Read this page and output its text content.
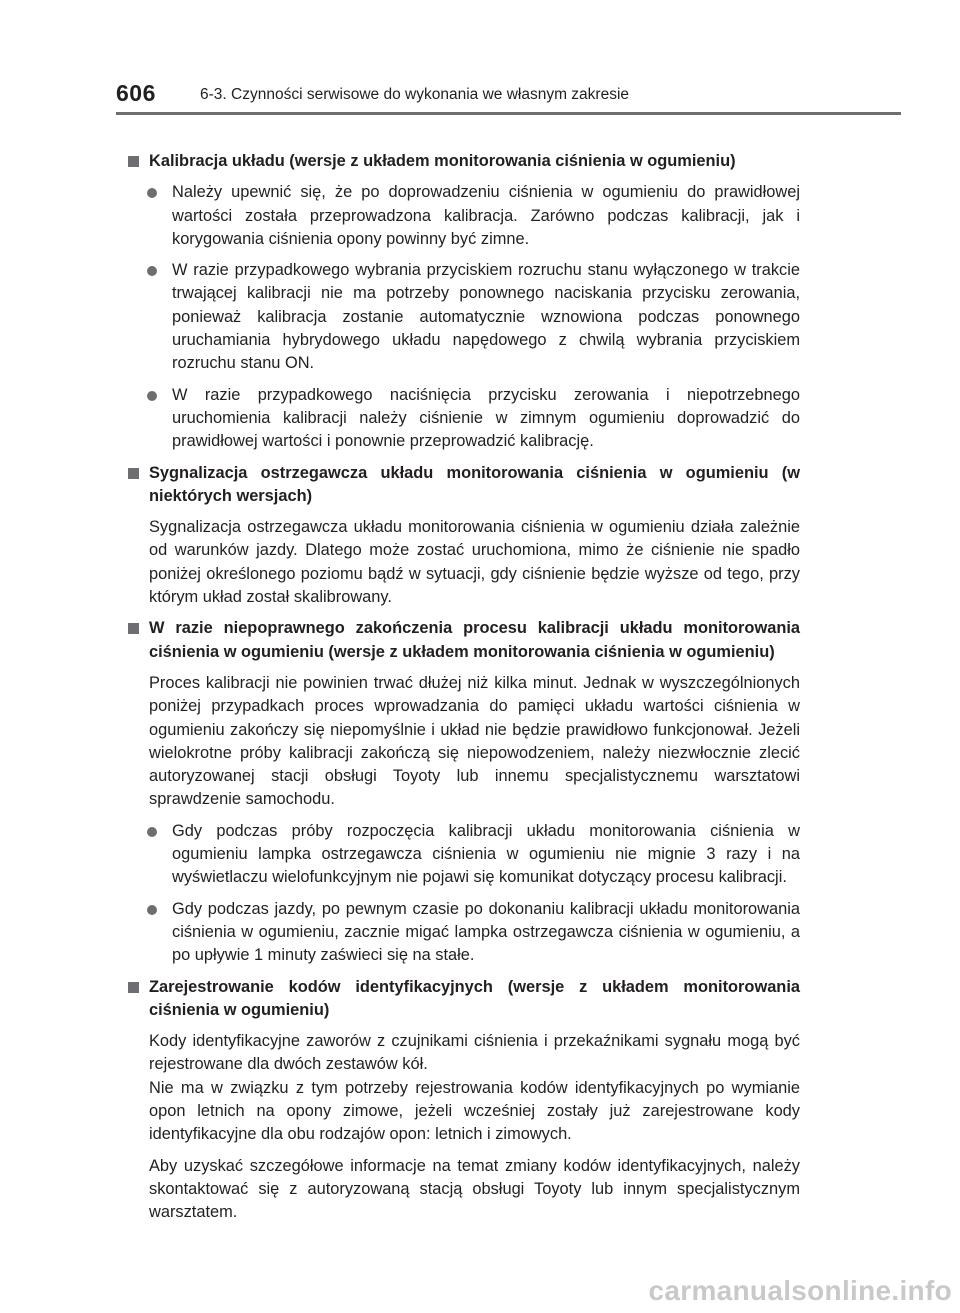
606	6-3. Czynności serwisowe do wykonania we własnym zakresie
Kalibracja układu (wersje z układem monitorowania ciśnienia w ogumieniu)
Należy upewnić się, że po doprowadzeniu ciśnienia w ogumieniu do prawidłowej wartości została przeprowadzona kalibracja. Zarówno podczas kalibracji, jak i korygowania ciśnienia opony powinny być zimne.
W razie przypadkowego wybrania przyciskiem rozruchu stanu wyłączonego w trakcie trwającej kalibracji nie ma potrzeby ponownego naciskania przycisku zerowania, ponieważ kalibracja zostanie automatycznie wznowiona podczas ponownego uruchamiania hybrydowego układu napędowego z chwilą wybrania przyciskiem rozruchu stanu ON.
W razie przypadkowego naciśnięcia przycisku zerowania i niepotrzebnego uruchomienia kalibracji należy ciśnienie w zimnym ogumieniu doprowadzić do prawidłowej wartości i ponownie przeprowadzić kalibrację.
Sygnalizacja ostrzegawcza układu monitorowania ciśnienia w ogumieniu (w niektórych wersjach)
Sygnalizacja ostrzegawcza układu monitorowania ciśnienia w ogumieniu działa zależnie od warunków jazdy. Dlatego może zostać uruchomiona, mimo że ciśnienie nie spadło poniżej określonego poziomu bądź w sytuacji, gdy ciśnienie będzie wyższe od tego, przy którym układ został skalibrowany.
W razie niepoprawnego zakończenia procesu kalibracji układu monitorowania ciśnienia w ogumieniu (wersje z układem monitorowania ciśnienia w ogumieniu)
Proces kalibracji nie powinien trwać dłużej niż kilka minut. Jednak w wyszczególnionych poniżej przypadkach proces wprowadzania do pamięci układu wartości ciśnienia w ogumieniu zakończy się niepomyślnie i układ nie będzie prawidłowo funkcjonował. Jeżeli wielokrotne próby kalibracji zakończą się niepowodzeniem, należy niezwłocznie zlecić autoryzowanej stacji obsługi Toyoty lub innemu specjalistycznemu warsztatowi sprawdzenie samochodu.
Gdy podczas próby rozpoczęcia kalibracji układu monitorowania ciśnienia w ogumieniu lampka ostrzegawcza ciśnienia w ogumieniu nie mignie 3 razy i na wyświetlaczu wielofunkcyjnym nie pojawi się komunikat dotyczący procesu kalibracji.
Gdy podczas jazdy, po pewnym czasie po dokonaniu kalibracji układu monitorowania ciśnienia w ogumieniu, zacznie migać lampka ostrzegawcza ciśnienia w ogumieniu, a po upływie 1 minuty zaświeci się na stałe.
Zarejestrowanie kodów identyfikacyjnych (wersje z układem monitorowania ciśnienia w ogumieniu)
Kody identyfikacyjne zaworów z czujnikami ciśnienia i przekaźnikami sygnału mogą być rejestrowane dla dwóch zestawów kół.
Nie ma w związku z tym potrzeby rejestrowania kodów identyfikacyjnych po wymianie opon letnich na opony zimowe, jeżeli wcześniej zostały już zarejestrowane kody identyfikacyjne dla obu rodzajów opon: letnich i zimowych.
Aby uzyskać szczegółowe informacje na temat zmiany kodów identyfikacyjnych, należy skontaktować się z autoryzowaną stacją obsługi Toyoty lub innym specjalistycznym warsztatem.
carmanualsonline.info
